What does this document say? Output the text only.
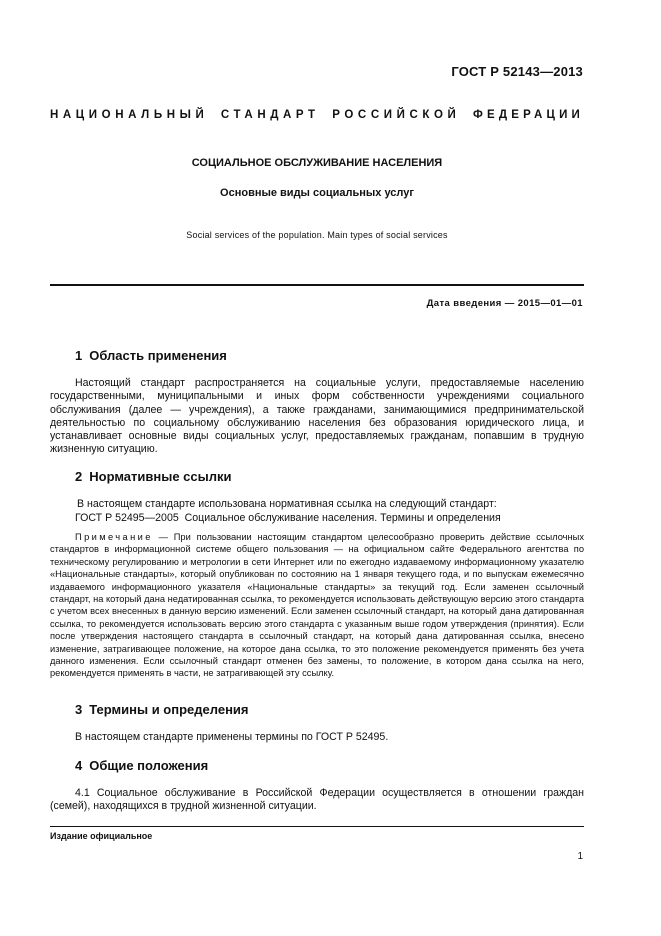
ГОСТ Р 52143—2013
НАЦИОНАЛЬНЫЙ СТАНДАРТ РОССИЙСКОЙ ФЕДЕРАЦИИ
СОЦИАЛЬНОЕ ОБСЛУЖИВАНИЕ НАСЕЛЕНИЯ
Основные виды социальных услуг
Social services of the population. Main types of social services
Дата введения — 2015—01—01
1 Область применения
Настоящий стандарт распространяется на социальные услуги, предоставляемые населению государственными, муниципальными и иных форм собственности учреждениями социального обслуживания (далее — учреждения), а также гражданами, занимающимися предпринимательской деятельностью по социальному обслуживанию населения без образования юридического лица, и устанавливает основные виды социальных услуг, предоставляемых гражданам, попавшим в трудную жизненную ситуацию.
2 Нормативные ссылки
В настоящем стандарте использована нормативная ссылка на следующий стандарт:
ГОСТ Р 52495—2005  Социальное обслуживание населения. Термины и определения
Примечание — При пользовании настоящим стандартом целесообразно проверить действие ссылочных стандартов в информационной системе общего пользования — на официальном сайте Федерального агентства по техническому регулированию и метрологии в сети Интернет или по ежегодно издаваемому информационному указателю «Национальные стандарты», который опубликован по состоянию на 1 января текущего года, и по выпускам ежемесячно издаваемого информационного указателя «Национальные стандарты» за текущий год. Если заменен ссылочный стандарт, на который дана недатированная ссылка, то рекомендуется использовать действующую версию этого стандарта с учетом всех внесенных в данную версию изменений. Если заменен ссылочный стандарт, на который дана датированная ссылка, то рекомендуется использовать версию этого стандарта с указанным выше годом утверждения (принятия). Если после утверждения настоящего стандарта в ссылочный стандарт, на который дана датированная ссылка, внесено изменение, затрагивающее положение, на которое дана ссылка, то это положение рекомендуется применять без учета данного изменения. Если ссылочный стандарт отменен без замены, то положение, в котором дана ссылка на него, рекомендуется применять в части, не затрагивающей эту ссылку.
3 Термины и определения
В настоящем стандарте применены термины по ГОСТ Р 52495.
4 Общие положения
4.1 Социальное обслуживание в Российской Федерации осуществляется в отношении граждан (семей), находящихся в трудной жизненной ситуации.
Издание официальное
1
